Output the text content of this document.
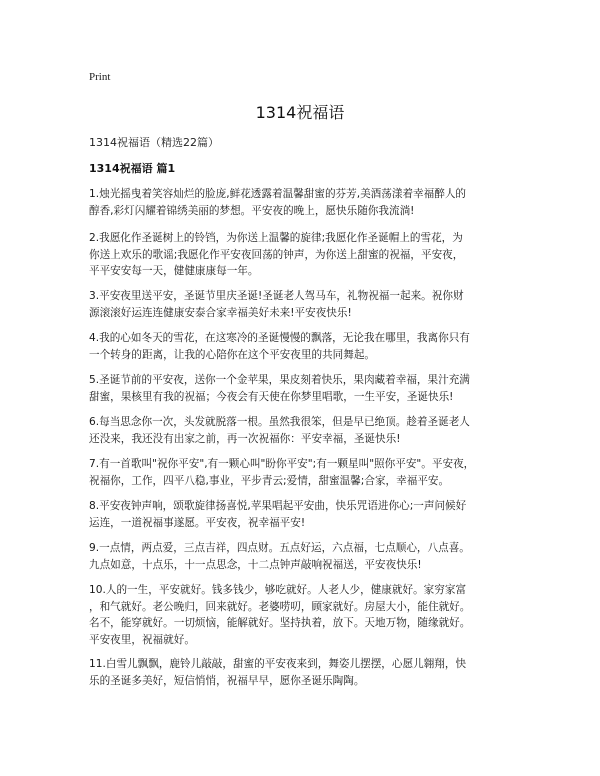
Print
1314祝福语
1314祝福语（精选22篇）
1314祝福语 篇1
1.烛光摇曳着笑容灿烂的脸庞,鲜花透露着温馨甜蜜的芬芳,美酒荡漾着幸福醉人的
醇香,彩灯闪耀着锦绣美丽的梦想。平安夜的晚上，愿快乐随你我流淌!
2.我愿化作圣诞树上的铃铛，为你送上温馨的旋律;我愿化作圣诞帽上的雪花，为
你送上欢乐的歌谣;我愿化作平安夜回荡的钟声，为你送上甜蜜的祝福，平安夜，
平平安安每一天，健健康康每一年。
3.平安夜里送平安，圣诞节里庆圣诞!圣诞老人驾马车，礼物祝福一起来。祝你财
源滚滚好运连连健康安泰合家幸福美好未来!平安夜快乐!
4.我的心如冬天的雪花，在这寒冷的圣诞慢慢的飘落，无论我在哪里，我离你只有
一个转身的距离，让我的心陪你在这个平安夜里的共同舞起。
5.圣诞节前的平安夜，送你一个金苹果，果皮刻着快乐，果肉藏着幸福，果汁充满
甜蜜，果核里有我的祝福；今夜会有天使在你梦里唱歌，一生平安，圣诞快乐!
6.每当思念你一次，头发就脱落一根。虽然我很笨，但是早已绝顶。趁着圣诞老人
还没来，我还没有出家之前，再一次祝福你：平安幸福，圣诞快乐!
7.有一首歌叫"祝你平安",有一颗心叫"盼你平安";有一颗星叫"照你平安"。平安夜，
祝福你，工作，四平八稳,事业，平步青云;爱情，甜蜜温馨;合家，幸福平安。
8.平安夜钟声响，颂歌旋律扬喜悦,苹果唱起平安曲，快乐咒语进你心;一声问候好
运连，一道祝福事遂愿。平安夜，祝幸福平安!
9.一点情，两点爱，三点吉祥，四点财。五点好运，六点福，七点顺心，八点喜。
九点如意，十点乐，十一点思念，十二点钟声敲响祝福送，平安夜快乐!
10.人的一生，平安就好。钱多钱少，够吃就好。人老人少，健康就好。家穷家富
，和气就好。老公晚归，回来就好。老婆唠叨，顾家就好。房屋大小，能住就好。
名不，能穿就好。一切烦恼，能解就好。坚持执着，放下。天地万物，随缘就好。
平安夜里，祝福就好。
11.白雪儿飘飘，鹿铃儿敲敲，甜蜜的平安夜来到，舞姿儿摆摆，心愿儿翱翔，快
乐的圣诞多美好，短信悄悄，祝福早早，愿你圣诞乐陶陶。
